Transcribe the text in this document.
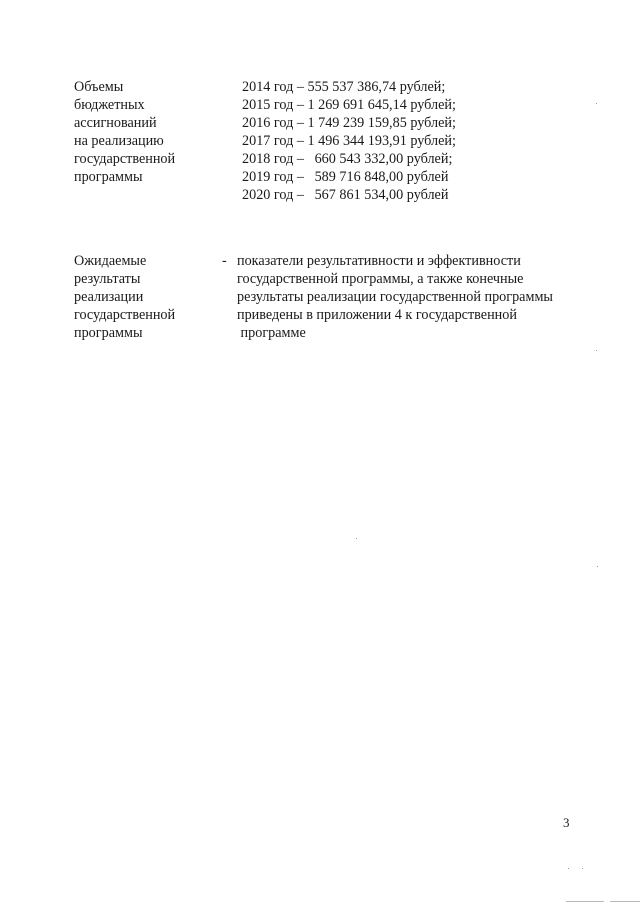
Объемы
бюджетных
ассигнований
на реализацию
государственной
программы
2014 год – 555 537 386,74 рублей;
2015 год – 1 269 691 645,14 рублей;
2016 год – 1 749 239 159,85 рублей;
2017 год – 1 496 344 193,91 рублей;
2018 год –   660 543 332,00 рублей;
2019 год –   589 716 848,00 рублей
2020 год –   567 861 534,00 рублей
Ожидаемые
результаты
реализации
государственной
программы
- показатели результативности и эффективности
государственной программы, а также конечные
результаты реализации государственной программы
приведены в приложении 4 к государственной
программе
3
